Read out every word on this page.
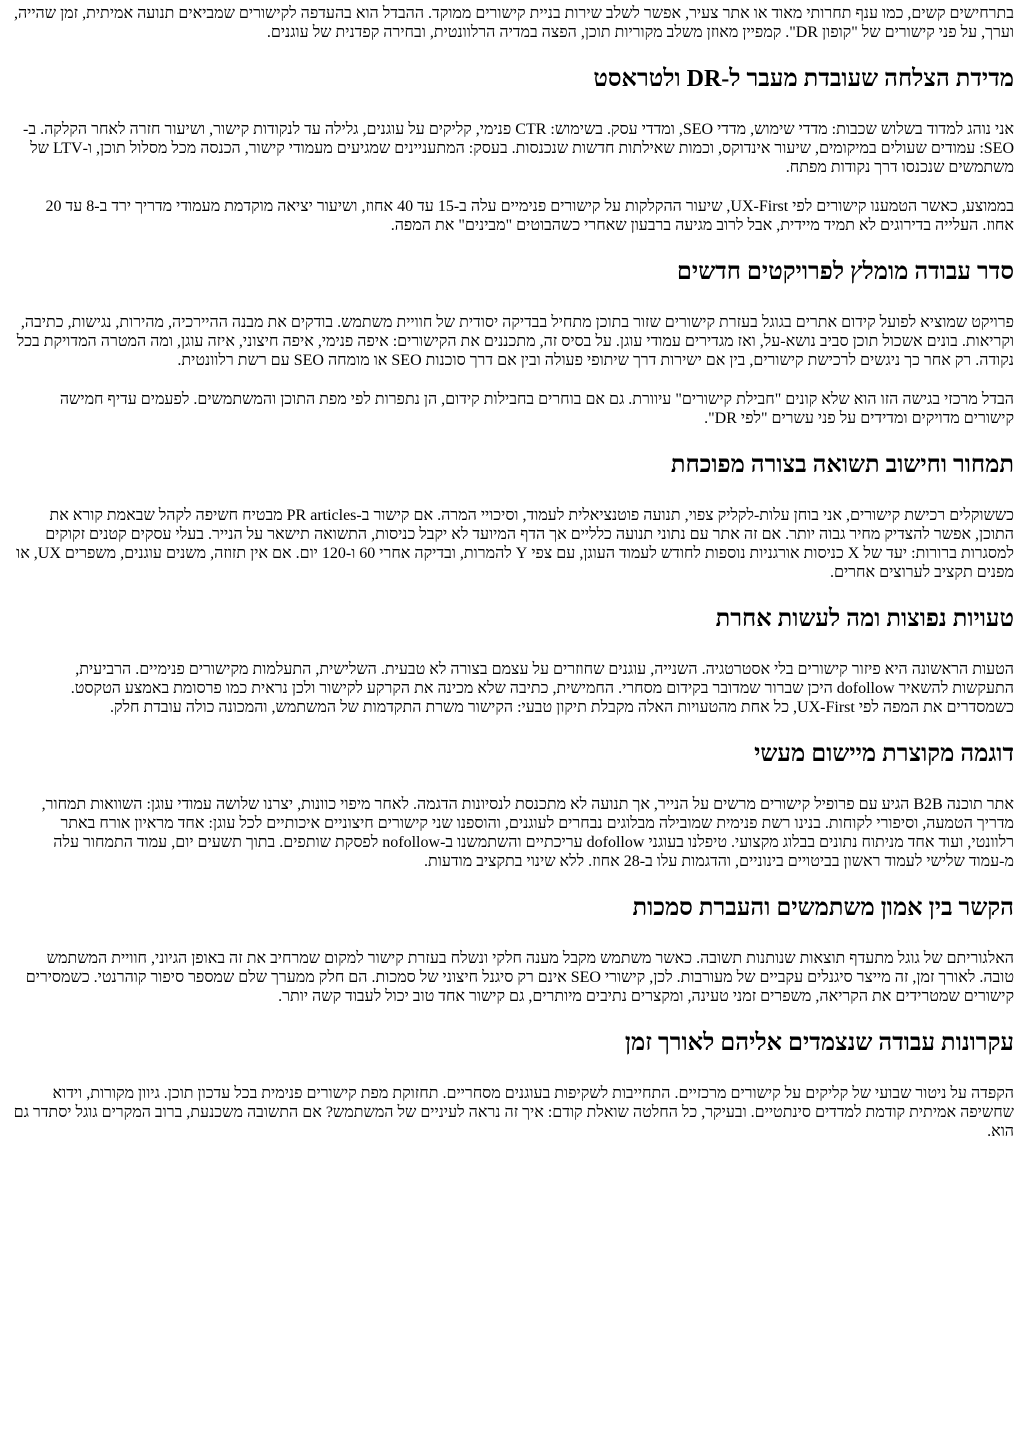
בתרחישים קשים, כמו ענף תחרותי מאוד או אתר צעיר, אפשר לשלב שירות בניית קישורים ממוקד. ההבדל הוא בהעדפה לקישורים שמביאים תנועה אמיתית, זמן שהייה, וערך, על פני קישורים של "קופון DR". קמפיין מאוזן משלב מקוריות תוכן, הפצה במדיה הרלוונטית, ובחירה קפדנית של עוגנים.

מדידת הצלחה שעובדת מעבר ל-DR ולטראסט

אני נוהג למדוד בשלוש שכבות: מדדי שימוש, מדדי SEO, ומדדי עסק. בשימוש: CTR פנימי, קליקים על עוגנים, גלילה עד לנקודות קישור, ושיעור חזרה לאחר הקלקה. ב-SEO: עמודים שעולים במיקומים, שיעור אינדוקס, וכמות שאילתות חדשות שנכנסות. בעסק: המתעניינים שמגיעים מעמודי קישור, הכנסה מכל מסלול תוכן, ו-LTV של משתמשים שנכנסו דרך נקודות מפתח.

בממוצע, כאשר הטמענו קישורים לפי UX-First, שיעור ההקלקות על קישורים פנימיים עלה ב-15 עד 40 אחוז, ושיעור יציאה מוקדמת מעמודי מדריך ירד ב-8 עד 20 אחוז. העלייה בדירוגים לא תמיד מיידית, אבל לרוב מגיעה ברבעון שאחרי כשהבוטים "מבינים" את המפה.

סדר עבודה מומלץ לפרויקטים חדשים

פרויקט שמוציא לפועל קידום אתרים בגוגל בעזרת קישורים שזור בתוכן מתחיל בבדיקה יסודית של חוויית משתמש. בודקים את מבנה ההיירכיה, מהירות, נגישות, כתיבה, וקריאות. בונים אשכול תוכן סביב נושא-על, ואז מגדירים עמודי עוגן. על בסיס זה, מתכננים את הקישורים: איפה פנימי, איפה חיצוני, איזה עוגן, ומה המטרה המדויקת בכל נקודה. רק אחר כך ניגשים לרכישת קישורים, בין אם ישירות דרך שיתופי פעולה ובין אם דרך סוכנות SEO או מומחה SEO עם רשת רלוונטית.

הבדל מרכזי בגישה הזו הוא שלא קונים "חבילת קישורים" עיוורת. גם אם בוחרים בחבילות קידום, הן נתפרות לפי מפת התוכן והמשתמשים. לפעמים עדיף חמישה קישורים מדויקים ומדידים על פני עשרים "לפי DR".

תמחור וחישוב תשואה בצורה מפוכחת

כששוקלים רכישת קישורים, אני בוחן עלות-לקליק צפוי, תנועה פוטנציאלית לעמוד, וסיכויי המרה. אם קישור ב-PR articles מבטיח חשיפה לקהל שבאמת קורא את התוכן, אפשר להצדיק מחיר גבוה יותר. אם זה אתר עם נתוני תנועה כלליים אך הדף המיועד לא יקבל כניסות, התשואה תישאר על הנייר. בעלי עסקים קטנים זקוקים למסגרות ברורות: יעד של X כניסות אורגניות נוספות לחודש לעמוד העוגן, עם צפי Y להמרות, ובדיקה אחרי 60 ו-120 יום. אם אין תזוזה, משנים עוגנים, משפרים UX, או מפנים תקציב לערוצים אחרים.

טעויות נפוצות ומה לעשות אחרת

הטעות הראשונה היא פיזור קישורים בלי אסטרטגיה. השנייה, עוגנים שחוזרים על עצמם בצורה לא טבעית. השלישית, התעלמות מקישורים פנימיים. הרביעית, התעקשות להשאיר dofollow היכן שברור שמדובר בקידום מסחרי. החמישית, כתיבה שלא מכינה את הקרקע לקישור ולכן נראית כמו פרסומת באמצע הטקסט. כשמסדרים את המפה לפי UX-First, כל אחת מהטעויות האלה מקבלת תיקון טבעי: הקישור משרת התקדמות של המשתמש, והמכונה כולה עובדת חלק.

דוגמה מקוצרת מיישום מעשי

אתר תוכנה B2B הגיע עם פרופיל קישורים מרשים על הנייר, אך תנועה לא מתכנסת לנסיונות הדגמה. לאחר מיפוי כוונות, יצרנו שלושה עמודי עוגן: השוואות תמחור, מדריך הטמעה, וסיפורי לקוחות. בנינו רשת פנימית שמובילה מבלוגים נבחרים לעוגנים, והוספנו שני קישורים חיצוניים איכותיים לכל עוגן: אחד מראיון אורח באתר רלוונטי, ועוד אחד מניתוח נתונים בבלוג מקצועי. טיפלנו בעוגני dofollow עריכתיים והשתמשנו ב-nofollow לפסקת שותפים. בתוך תשעים יום, עמוד התמחור עלה מ-עמוד שלישי לעמוד ראשון בביטויים בינוניים, והדגמות עלו ב-28 אחוז. ללא שינוי בתקציב מודעות.

הקשר בין אמון משתמשים והעברת סמכות

האלגוריתם של גוגל מתעדף תוצאות שנותנות תשובה. כאשר משתמש מקבל מענה חלקי ונשלח בעזרת קישור למקום שמרחיב את זה באופן הגיוני, חוויית המשתמש טובה. לאורך זמן, זה מייצר סיגנלים עקביים של מעורבות. לכן, קישורי SEO אינם רק סיגנל חיצוני של סמכות. הם חלק ממערך שלם שמספר סיפור קוהרנטי. כשמסירים קישורים שמטרידים את הקריאה, משפרים זמני טעינה, ומקצרים נתיבים מיותרים, גם קישור אחד טוב יכול לעבוד קשה יותר.

עקרונות עבודה שנצמדים אליהם לאורך זמן

הקפדה על ניטור שבועי של קליקים על קישורים מרכזיים. התחייבות לשקיפות בעוגנים מסחריים. תחזוקת מפת קישורים פנימית בכל עדכון תוכן. גיוון מקורות, וידוא שחשיפה אמיתית קודמת למדדים סינתטיים. ובעיקר, כל החלטה שואלת קודם: איך זה נראה לעיניים של המשתמש? אם התשובה משכנעת, ברוב המקרים גוגל יסתדר גם הוא.
